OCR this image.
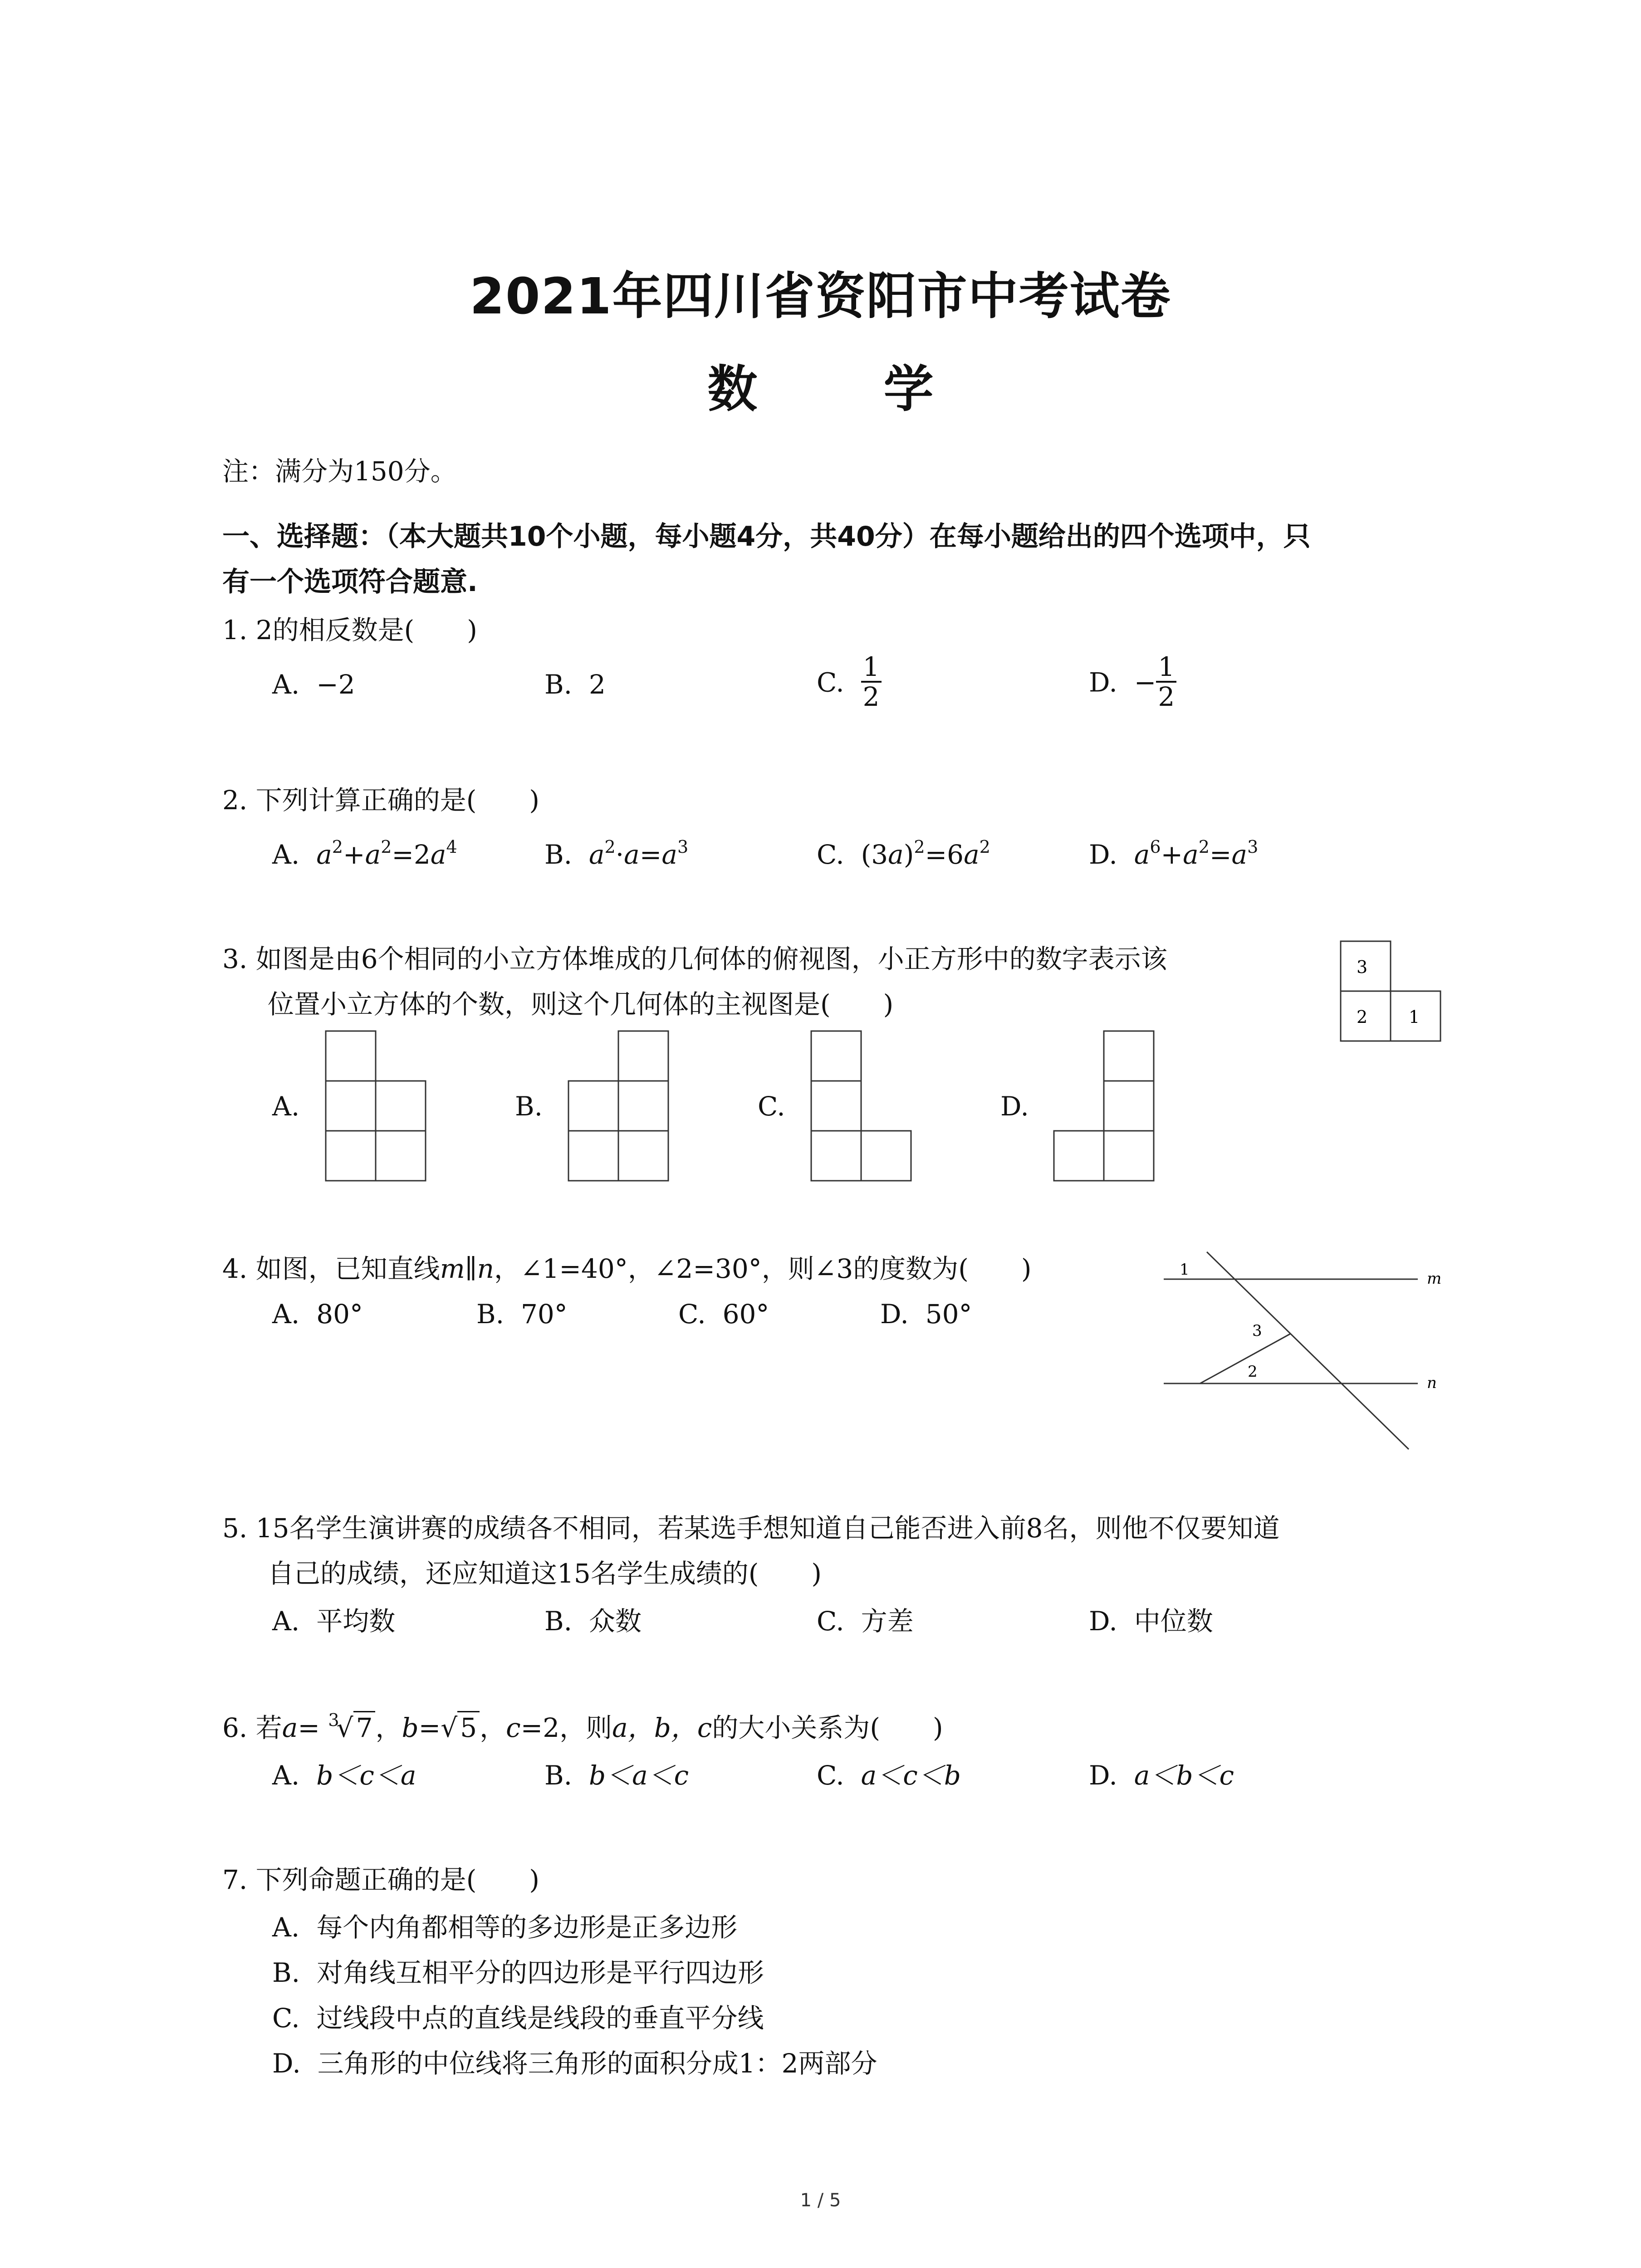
2021年四川省资阳市中考试卷
数 学
注：满分为150分。
一、选择题：（本大题共10个小题，每小题4分，共40分）在每小题给出的四个选项中，只
有一个选项符合题意.
1. 2的相反数是(　　)
A. −2	B. 2	C. $\frac{1}{2}$	D. − $\frac{1}{2}$
2. 下列计算正确的是(　　)
A. $a^2+a^2=2a^4$	B. $a^2\cdot a=a^3$	C. $(3a)^2=6a^2$	D. $a^6+a^2=a^3$
3. 如图是由6个相同的小立方体堆成的几何体的俯视图，小正方形中的数字表示该
位置小立方体的个数，则这个几何体的主视图是(　　)
3
2 1
A.	B.	C.	D.
4. 如图，已知直线m∥n，∠1=40°，∠2=30°，则∠3的度数为(　　)
A. 80°	B. 70°	C. 60°	D. 50°
1
2
3
m
n
5. 15名学生演讲赛的成绩各不相同，若某选手想知道自己能否进入前8名，则他不仅要知道
自己的成绩，还应知道这15名学生成绩的(　　)
A. 平均数	B. 众数	C. 方差	D. 中位数
6. 若a= $^3$√ 7 ，b=√ 5 ，c=2，则a，b，c的大小关系为(　　)
A. b＜c＜a	B. b＜a＜c	C. a＜c＜b	D. a＜b＜c
7. 下列命题正确的是(　　)
A. 每个内角都相等的多边形是正多边形
B. 对角线互相平分的四边形是平行四边形
C. 过线段中点的直线是线段的垂直平分线
D. 三角形的中位线将三角形的面积分成1：2两部分
1 / 5
